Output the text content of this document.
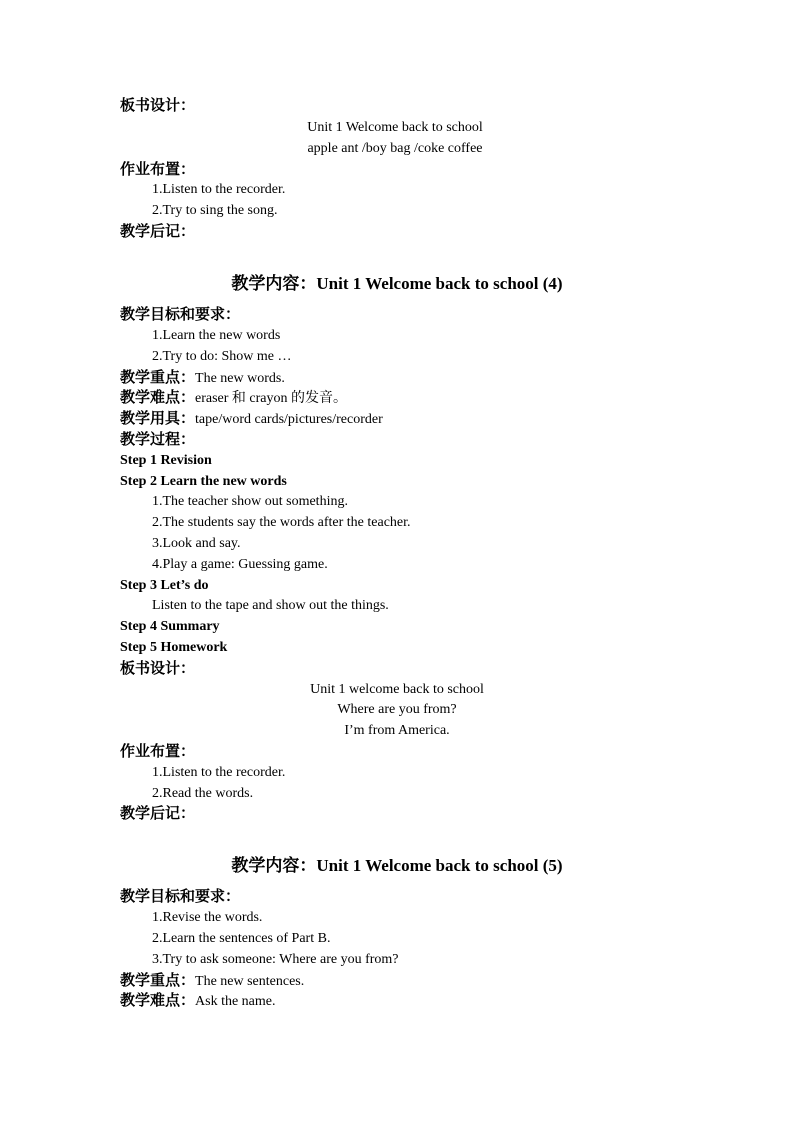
板书设计：
Unit 1 Welcome back to school
apple ant /boy bag /coke coffee
作业布置：
1.Listen to the recorder.
2.Try to sing the song.
教学后记：
教学内容：Unit 1 Welcome back to school (4)
教学目标和要求：
1.Learn the new words
2.Try to do: Show me …
教学重点：The new words.
教学难点：eraser 和 crayon 的发音。
教学用具：tape/word cards/pictures/recorder
教学过程：
Step 1 Revision
Step 2 Learn the new words
1.The teacher show out something.
2.The students say the words after the teacher.
3.Look and say.
4.Play a game: Guessing game.
Step 3 Let’s do
Listen to the tape and show out the things.
Step 4 Summary
Step 5 Homework
板书设计：
Unit 1 welcome back to school
Where are you from?
I’m from America.
作业布置：
1.Listen to the recorder.
2.Read the words.
教学后记：
教学内容：Unit 1 Welcome back to school (5)
教学目标和要求：
1.Revise the words.
2.Learn the sentences of Part B.
3.Try to ask someone: Where are you from?
教学重点：The new sentences.
教学难点：Ask the name.
